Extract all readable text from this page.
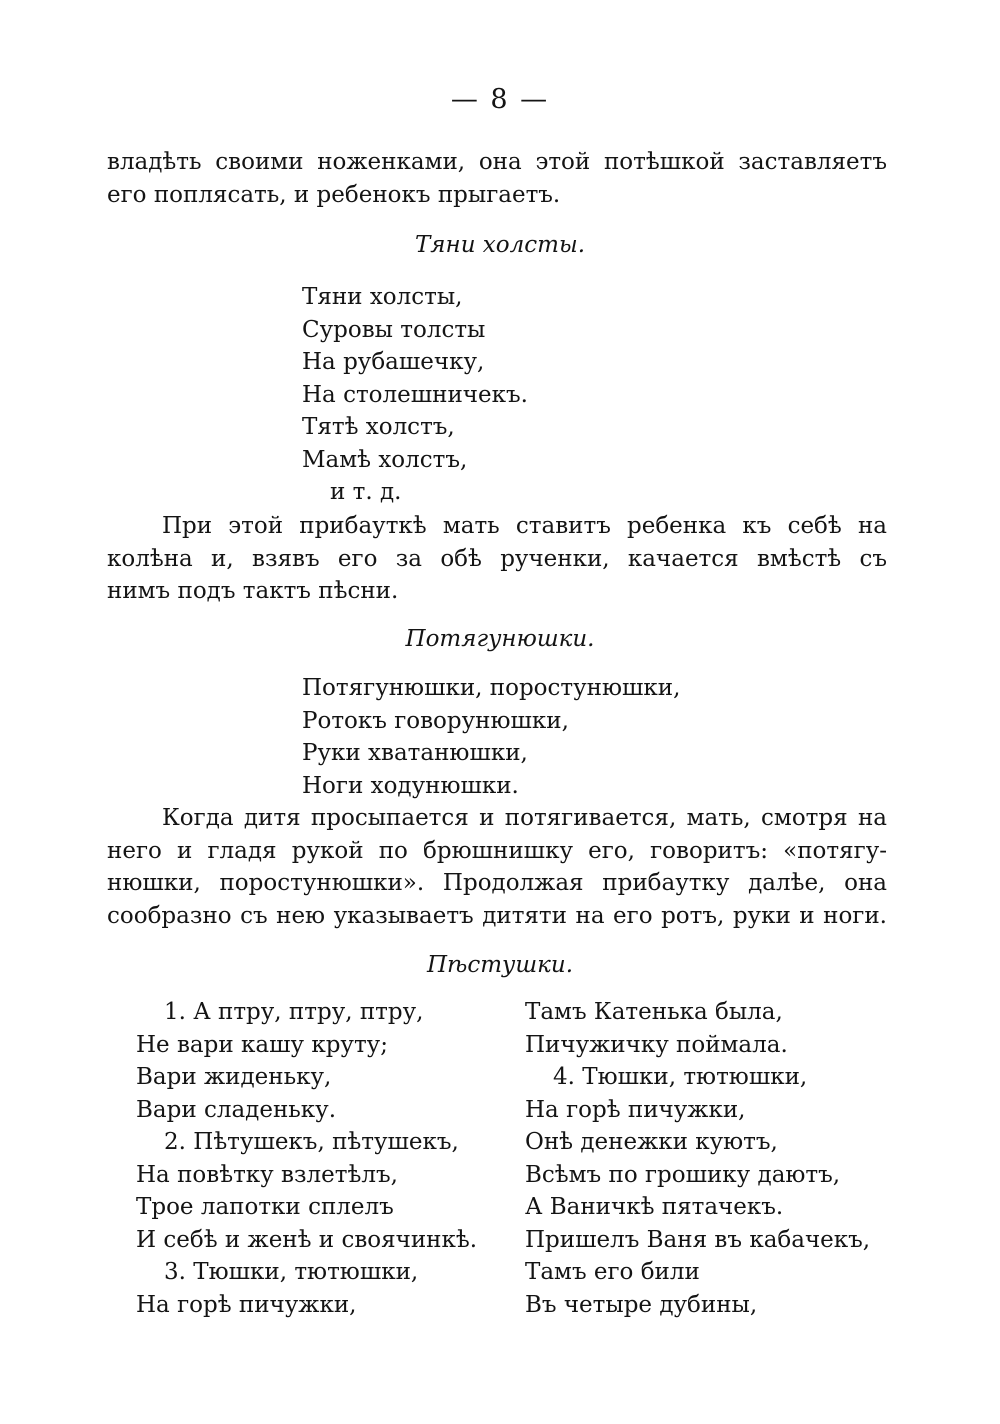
— 8 —
владѣть своими ноженками, она этой потѣшкой заставляетъ
его поплясать, и ребенокъ прыгаетъ.
Тяни холсты.
Тяни холсты,
Суровы толсты
На рубашечку,
На столешничекъ.
Тятѣ холстъ,
Мамѣ холстъ,
и т. д.
При этой прибауткѣ мать ставитъ ребенка къ себѣ на
колѣна и, взявъ его за обѣ рученки, качается вмѣстѣ съ
нимъ подъ тактъ пѣсни.
Потягунюшки.
Потягунюшки, поростунюшки,
Ротокъ говорунюшки,
Руки хватанюшки,
Ноги ходунюшки.
Когда дитя просыпается и потягивается, мать, смотря на
него и гладя рукой по брюшнишку его, говоритъ: «потягу-
нюшки, поростунюшки». Продолжая прибаутку далѣе, она
сообразно съ нею указываетъ дитяти на его ротъ, руки и ноги.
Пѣстушки.
1. А птру, птру, птру,
Не вари кашу круту;
Вари жиденьку,
Вари сладеньку.
2. Пѣтушекъ, пѣтушекъ,
На повѣтку взлетѣлъ,
Трое лапотки сплелъ
И себѣ и женѣ и своячинкѣ.
3. Тюшки, тютюшки,
На горѣ пичужки,
Тамъ Катенька была,
Пичужичку поймала.
4. Тюшки, тютюшки,
На горѣ пичужки,
Онѣ денежки куютъ,
Всѣмъ по грошику даютъ,
А Ваничкѣ пятачекъ.
Пришелъ Ваня въ кабачекъ,
Тамъ его били
Въ четыре дубины,
